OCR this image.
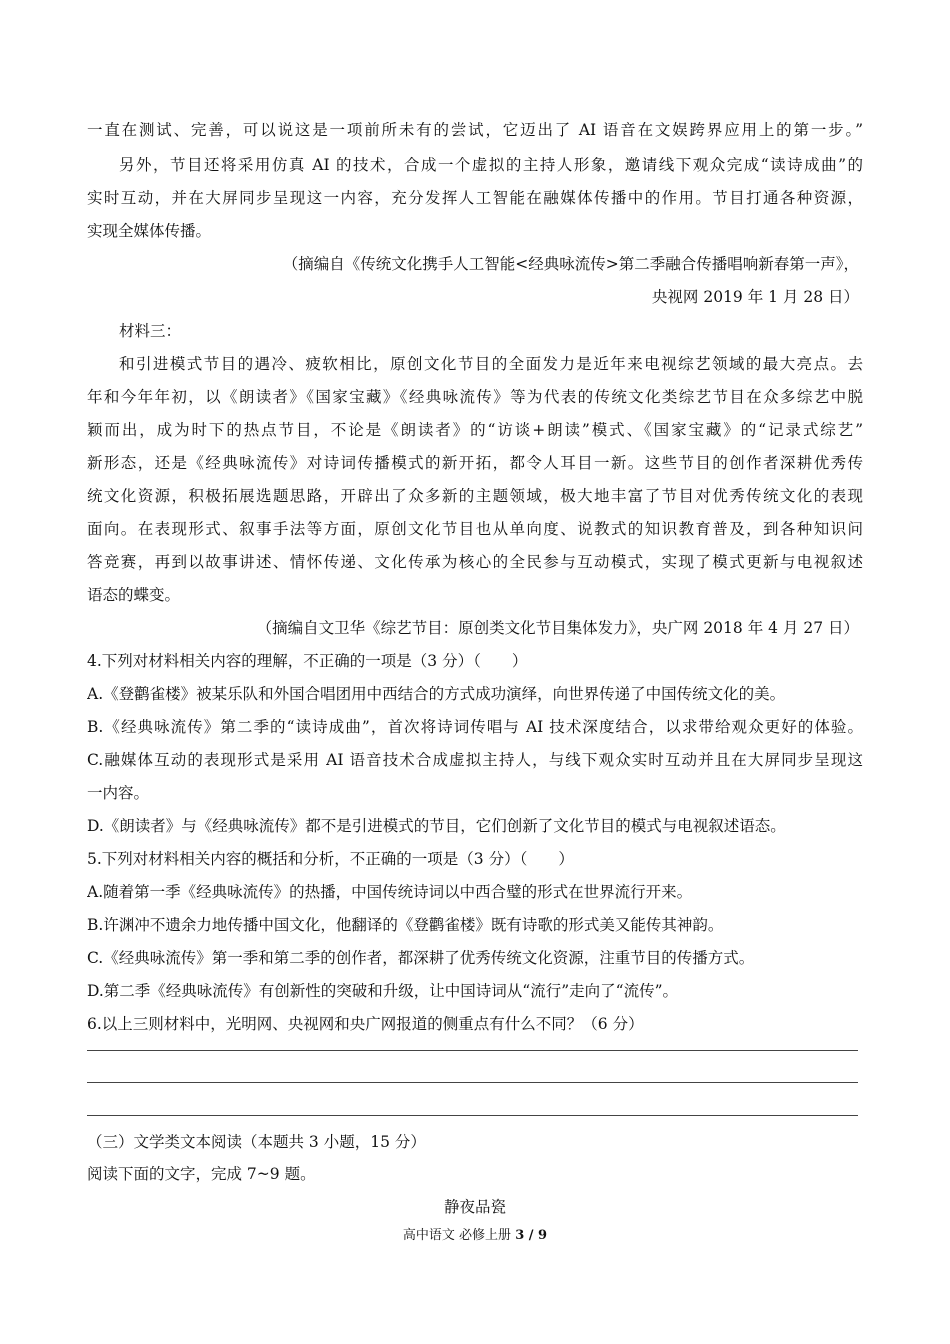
一直在测试、完善，可以说这是一项前所未有的尝试，它迈出了 AI 语音在文娱跨界应用上的第一步。”
另外，节目还将采用仿真 AI 的技术，合成一个虚拟的主持人形象，邀请线下观众完成“读诗成曲”的
实时互动，并在大屏同步呈现这一内容，充分发挥人工智能在融媒体传播中的作用。节目打通各种资源，
实现全媒体传播。
（摘编自《传统文化携手人工智能<经典咏流传>第二季融合传播唱响新春第一声》，
央视网 2019 年 1 月 28 日）
材料三：
和引进模式节目的遇冷、疲软相比，原创文化节目的全面发力是近年来电视综艺领域的最大亮点。去
年和今年年初，以《朗读者》《国家宝藏》《经典咏流传》等为代表的传统文化类综艺节目在众多综艺中脱
颖而出，成为时下的热点节目，不论是《朗读者》的“访谈+朗读”模式、《国家宝藏》的“记录式综艺”
新形态，还是《经典咏流传》对诗词传播模式的新开拓，都令人耳目一新。这些节目的创作者深耕优秀传
统文化资源，积极拓展选题思路，开辟出了众多新的主题领域，极大地丰富了节目对优秀传统文化的表现
面向。在表现形式、叙事手法等方面，原创文化节目也从单向度、说教式的知识教育普及，到各种知识问
答竞赛，再到以故事讲述、情怀传递、文化传承为核心的全民参与互动模式，实现了模式更新与电视叙述
语态的蝶变。
（摘编自文卫华《综艺节目：原创类文化节目集体发力》，央广网 2018 年 4 月 27 日）
4.下列对材料相关内容的理解，不正确的一项是（3 分）（　　）
A.《登鹳雀楼》被某乐队和外国合唱团用中西结合的方式成功演绎，向世界传递了中国传统文化的美。
B.《经典咏流传》第二季的“读诗成曲”，首次将诗词传唱与 AI 技术深度结合，以求带给观众更好的体验。
C.融媒体互动的表现形式是采用 AI 语音技术合成虚拟主持人，与线下观众实时互动并且在大屏同步呈现这
一内容。
D.《朗读者》与《经典咏流传》都不是引进模式的节目，它们创新了文化节目的模式与电视叙述语态。
5.下列对材料相关内容的概括和分析，不正确的一项是（3 分）（　　）
A.随着第一季《经典咏流传》的热播，中国传统诗词以中西合璧的形式在世界流行开来。
B.许渊冲不遗余力地传播中国文化，他翻译的《登鹳雀楼》既有诗歌的形式美又能传其神韵。
C.《经典咏流传》第一季和第二季的创作者，都深耕了优秀传统文化资源，注重节目的传播方式。
D.第二季《经典咏流传》有创新性的突破和升级，让中国诗词从“流行”走向了“流传”。
6.以上三则材料中，光明网、央视网和央广网报道的侧重点有什么不同？（6 分）
（三）文学类文本阅读（本题共 3 小题，15 分）
阅读下面的文字，完成 7~9 题。
静夜品瓷
高中语文 必修上册 3 / 9
